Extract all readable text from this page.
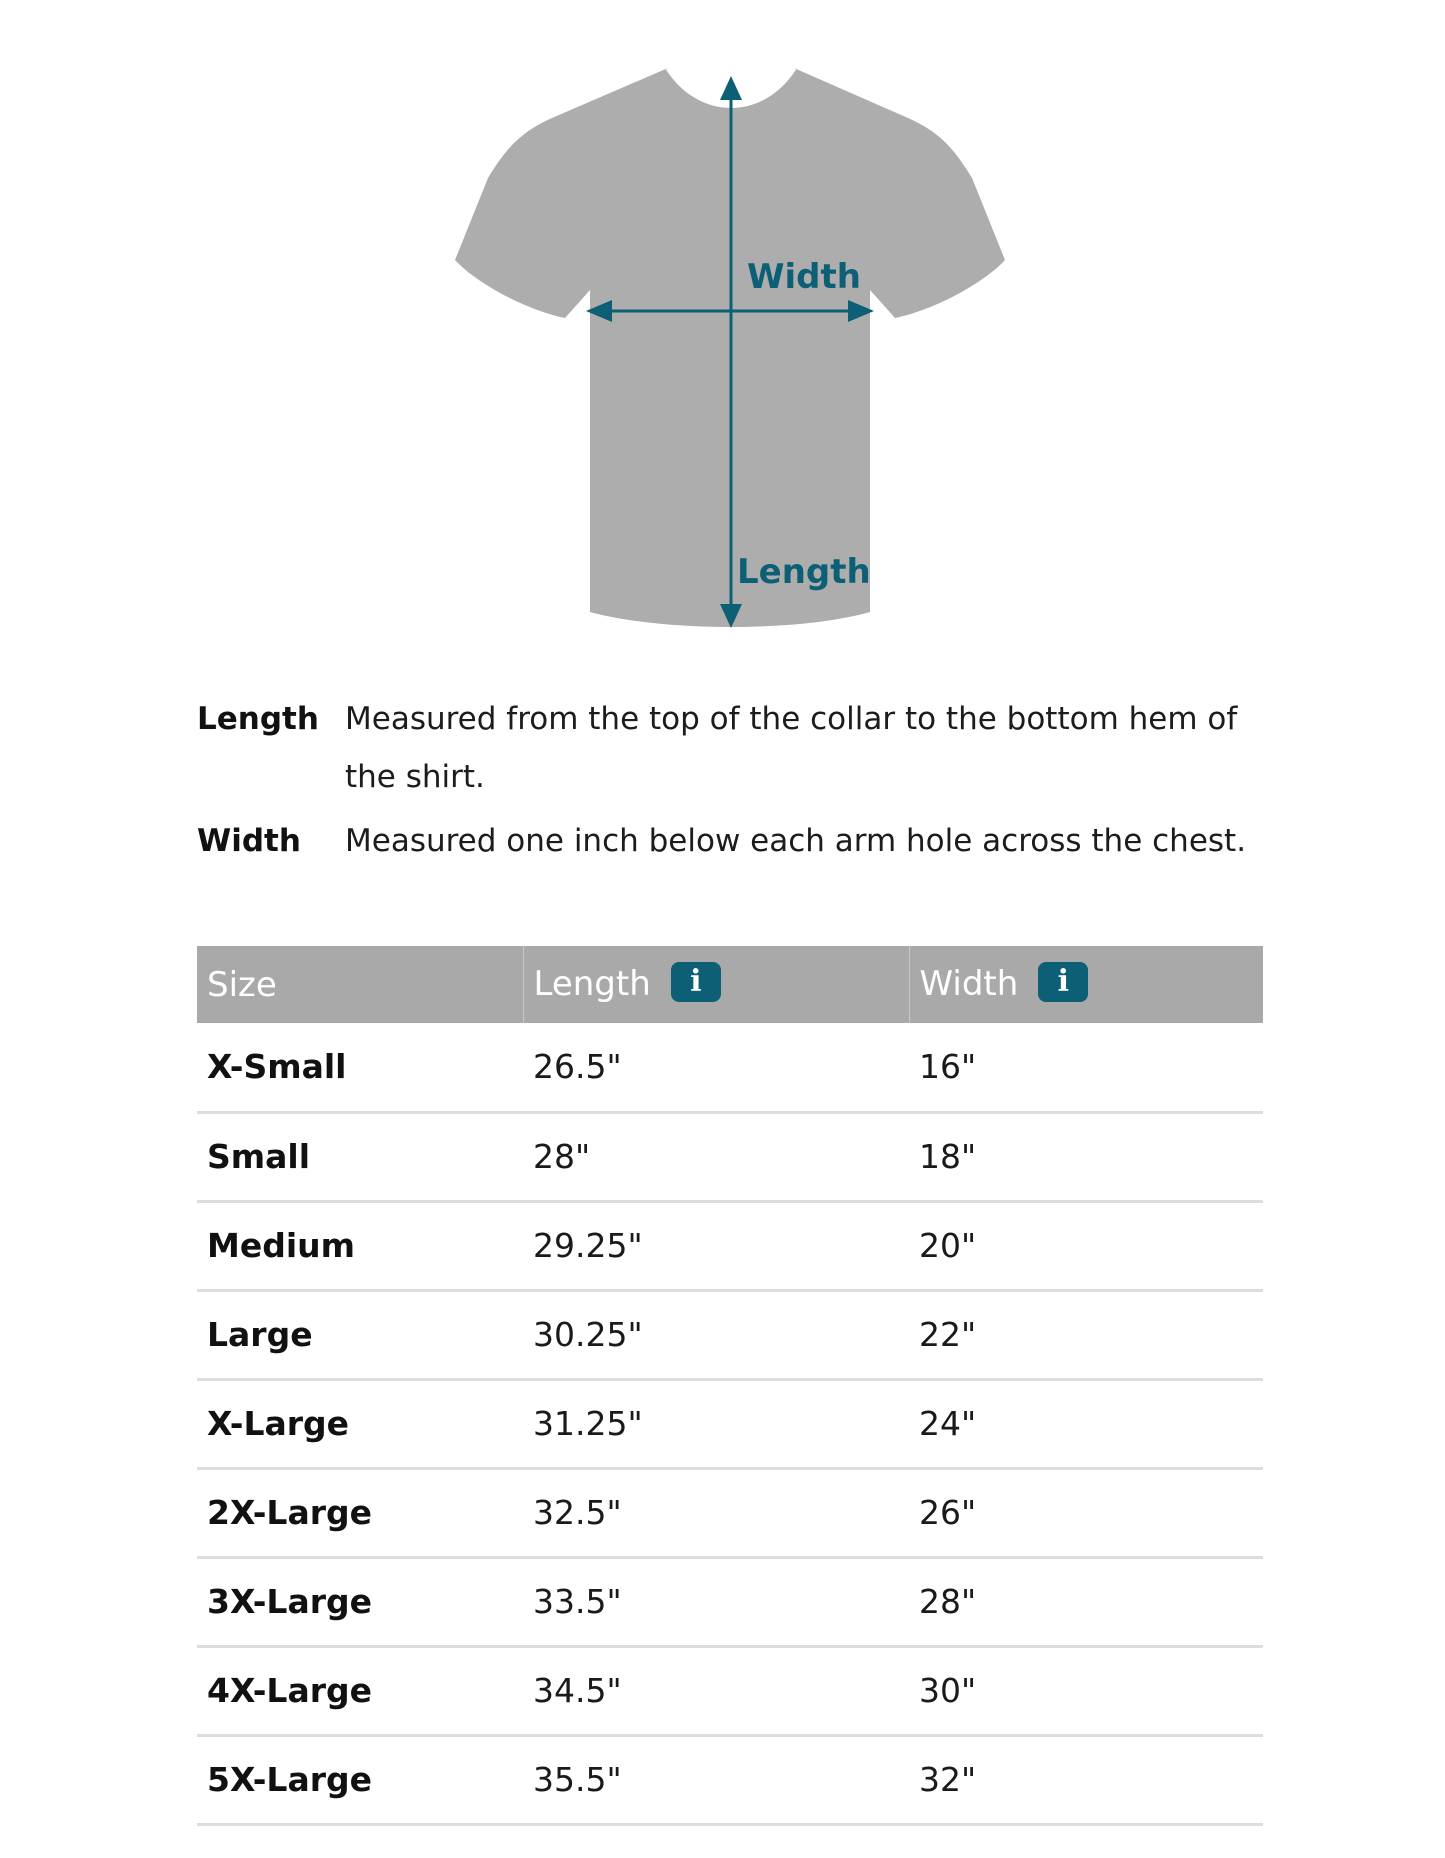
Width
Length
Length Measured from the top of the collar to the bottom hem of the shirt.
Width	Measured one inch below each arm hole across the chest.
Size	Length i	Width i
X-Small	26.5"	16"
Small	28"	18"
Medium	29.25"	20"
Large	30.25"	22"
X-Large	31.25"	24"
2X-Large	32.5"	26"
3X-Large	33.5"	28"
4X-Large	34.5"	30"
5X-Large	35.5"	32"
